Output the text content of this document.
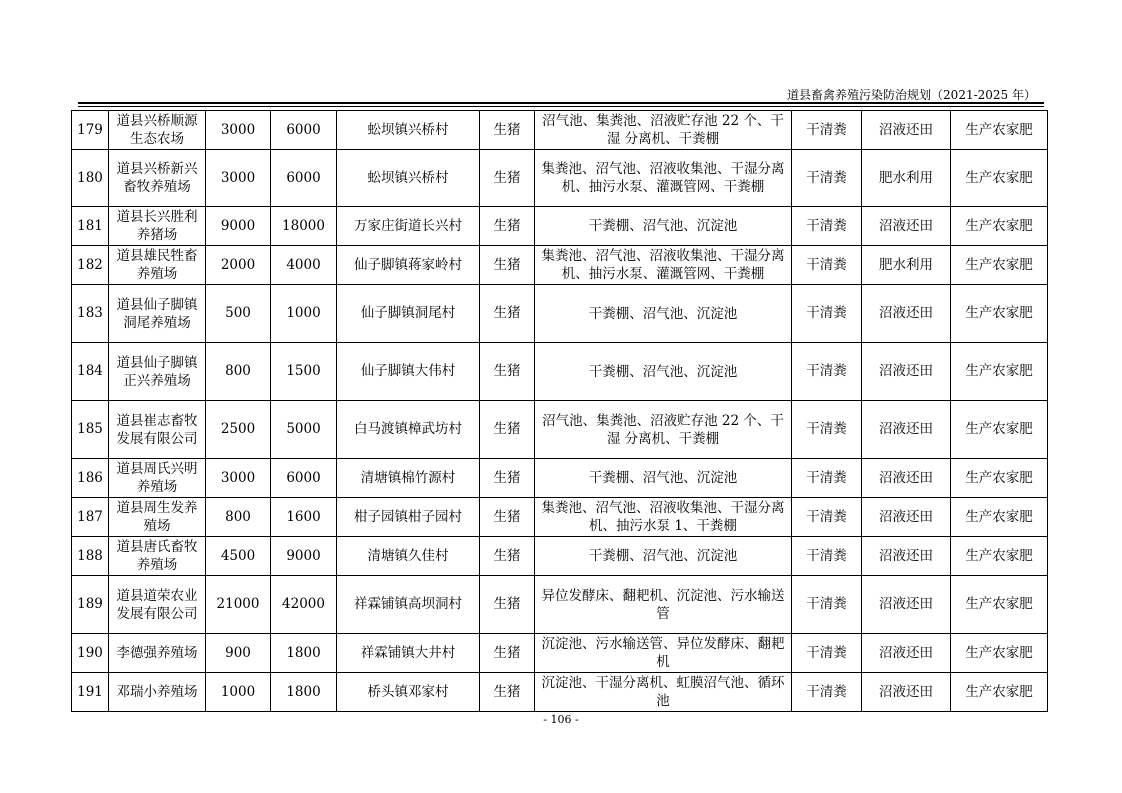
道县畜禽养殖污染防治规划（2021-2025 年）
179	道县兴桥顺源生态农场	3000	6000	蚣坝镇兴桥村	生猪	沼气池、集粪池、沼液贮存池 22 个、干湿 分离机、干粪棚	干清粪	沼液还田	生产农家肥
180	道县兴桥新兴畜牧养殖场	3000	6000	蚣坝镇兴桥村	生猪	集粪池、沼气池、沼液收集池、干湿分离 机、抽污水泵、灌溉管网、干粪棚	干清粪	肥水利用	生产农家肥
181	道县长兴胜利养猪场	9000	18000	万家庄街道长兴村	生猪	干粪棚、沼气池、沉淀池	干清粪	沼液还田	生产农家肥
182	道县雄民牲畜养殖场	2000	4000	仙子脚镇蒋家岭村	生猪	集粪池、沼气池、沼液收集池、干湿分离 机、抽污水泵、灌溉管网、干粪棚	干清粪	肥水利用	生产农家肥
183	道县仙子脚镇洞尾养殖场	500	1000	仙子脚镇洞尾村	生猪	干粪棚、沼气池、沉淀池	干清粪	沼液还田	生产农家肥
184	道县仙子脚镇正兴养殖场	800	1500	仙子脚镇大伟村	生猪	干粪棚、沼气池、沉淀池	干清粪	沼液还田	生产农家肥
185	道县崔志畜牧发展有限公司	2500	5000	白马渡镇樟武坊村	生猪	沼气池、集粪池、沼液贮存池 22 个、干湿 分离机、干粪棚	干清粪	沼液还田	生产农家肥
186	道县周氏兴明养殖场	3000	6000	清塘镇棉竹源村	生猪	干粪棚、沼气池、沉淀池	干清粪	沼液还田	生产农家肥
187	道县周生发养殖场	800	1600	柑子园镇柑子园村	生猪	集粪池、沼气池、沼液收集池、干湿分离 机、抽污水泵 1、干粪棚	干清粪	沼液还田	生产农家肥
188	道县唐氏畜牧养殖场	4500	9000	清塘镇久佳村	生猪	干粪棚、沼气池、沉淀池	干清粪	沼液还田	生产农家肥
189	道县道荣农业发展有限公司	21000	42000	祥霖铺镇高坝洞村	生猪	异位发酵床、翻耙机、沉淀池、污水输送管	干清粪	沼液还田	生产农家肥
190	李德强养殖场	900	1800	祥霖铺镇大井村	生猪	沉淀池、污水输送管、异位发酵床、翻耙机	干清粪	沼液还田	生产农家肥
191	邓瑞小养殖场	1000	1800	桥头镇邓家村	生猪	沉淀池、干湿分离机、虹膜沼气池、循环池	干清粪	沼液还田	生产农家肥
- 106 -
